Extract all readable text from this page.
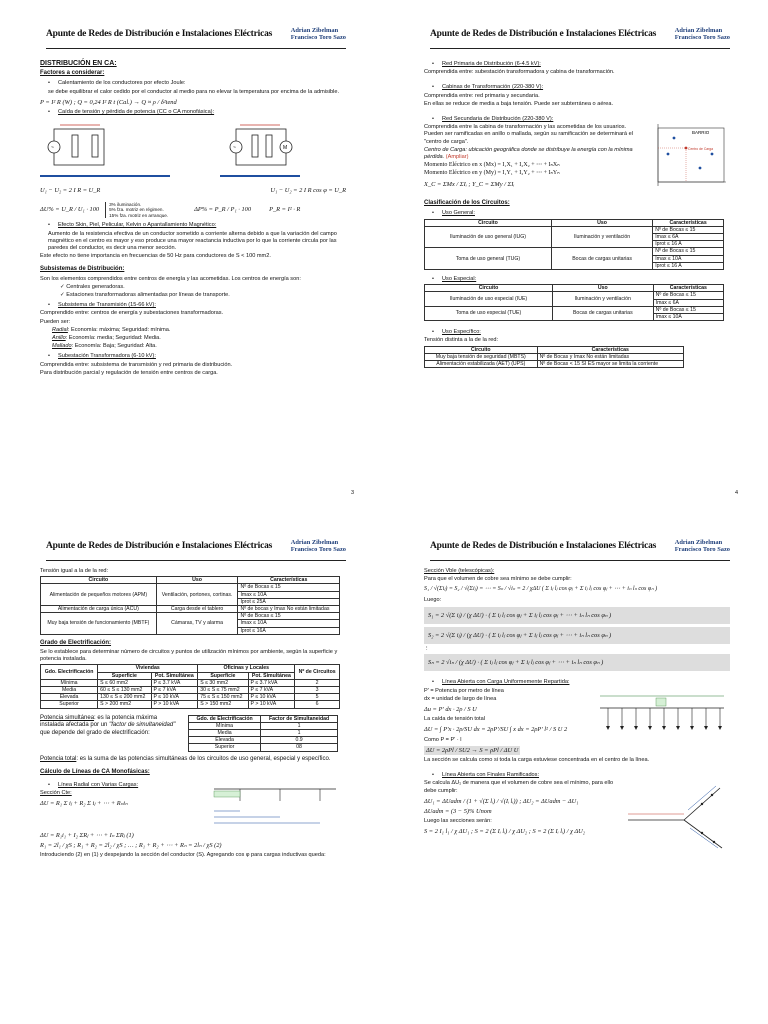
Apunte de Redes de Distribución e Instalaciones Eléctricas	Adrian Zibelman
Francisco Toro Sazo
DISTRIBUCIÓN EN CA:
Factores a considerar:
• Calentamiento de los conductores por efecto Joule:
se debe equilibrar el calor cedido por el conductor al medio para no elevar la temperatura por encima de la admisible.
P = I² R (W) ; Q = 0,24 I² R t (Cal.) → Q ≈ ρ / δ²tend
• Caída de tensión y pérdida de potencia (CC o CA monofásica):
~	~	M
U₁ − U₂ = 2 I R = U_R	U₁ − U₂ = 2 I R cos φ = U_R
ΔU% = U_R / U₁ · 100
3% iluminación.
5% fza. motriz en régimen.
15% fza. motriz en arranque.
ΔP% = P_R / P₁ · 100	P_R = I² · R
• Efecto Skin, Piel, Pelicular, Kelvin o Apantallamiento Magnético:
Aumento de la resistencia efectiva de un conductor sometido a corriente alterna debido a que la variación del campo magnético en el centro es mayor y eso produce una mayor reactancia inductiva por lo que la corriente circula por las paredes del conductor, es decir una menor sección.
Este efecto no tiene importancia en frecuencias de 50 Hz para conductores de S < 100 mm2.
Subsistemas de Distribución:
Son los elementos comprendidos entre centros de energía y las acometidas. Los centros de energía son:
✓ Centrales generadoras.
✓ Estaciones transformadoras alimentadas por líneas de transporte.
• Subsistema de Transmisión (15-66 kV):
Comprendido entre: centros de energía y subestaciones transformadoras.
Pueden ser:
Radial: Economía: máxima; Seguridad: mínima.
Anillo: Economía: media; Seguridad: Media.
Mallado: Economía: Baja; Seguridad: Alta.
• Subestación Transformadora (6-10 kV):
Comprendida entre: subsistema de transmisión y red primaria de distribución.
Para distribución parcial y regulación de tensión entre centros de carga.
3
Apunte de Redes de Distribución e Instalaciones Eléctricas	Adrian Zibelman
Francisco Toro Sazo
• Red Primaria de Distribución (6-4.5 kV):
Comprendida entre: subestación transformadora y cabina de transformación.
• Cabinas de Transformación (220-380 V):
Comprendida entre: red primaria y secundaria.
En ellas se reduce de media a baja tensión. Puede ser subterránea o aérea.
• Red Secundaria de Distribución (220-380 V):
Comprendida entre la cabina de transformación y las acometidas de los usuarios. Pueden ser ramificadas en anillo o mallada, según su ramificación se determinará el "centro de carga".
Centro de Carga: ubicación geográfica donde se distribuye la energía con la mínima pérdida. (Ampliar)
Momento Eléctrico en x (Mx) = I₁X₁ + I₂X₂ + ⋯ + IₙXₙ
Momento Eléctrico en y (My) = I₁Y₁ + I₂Y₂ + ⋯ + IₙYₙ
X_C = ΣMx / ΣIᵢ ; Y_C = ΣMy / ΣIᵢ
BARRIO
Centro de Carga
Clasificación de los Circuitos:
• Uso General:
Circuito	Uso	Características
Iluminación de uso general (IUG)	Iluminación y ventilación	Nº de Bocas ≤ 15
		Imax ≤ 6A
		Iprot ≤ 16 A
Toma de uso general (TUG)	Bocas de cargas unitarias	Nº de Bocas ≤ 15
		Imax ≤ 10A
		Iprot ≤ 16 A
• Uso Especial:
Circuito	Uso	Características
Iluminación de uso especial (IUE)	Iluminación y ventilación	Nº de Bocas ≤ 15
		Imax ≤ 6A
Toma de uso especial (TUE)	Bocas de cargas unitarias	Nº de Bocas ≤ 15
		Imax ≤ 10A
• Uso Específico:
Tensión distinta a la de la red:
Circuito	Características
Muy baja tensión de seguridad (MBTS)	Nº de Bocas y Imax No están limitadas
Alimentación estabilizada (AET) (UPS)	Nº de Bocas < 15 SI ES mayor se limita la corriente
4
Apunte de Redes de Distribución e Instalaciones Eléctricas	Adrian Zibelman
Francisco Toro Sazo
Tensión igual a la de la red:
Circuito	Uso	Características
Alimentación de pequeños motores (APM)	Ventilación, portones, cortinas.	Nº de Bocas ≤ 15
		Imax ≤ 10A
		Iprot ≤ 25A
Alimentación de carga única (ACU)	Carga desde el tablero	Nº de bocas y Imax No están limitadas
Muy baja tensión de funcionamiento (MBTF)	Cámaras, TV y alarma	Nº de Bocas ≤ 15
		Imax ≤ 10A
		Iprot ≤ 16A
Grado de Electrificación:
Se lo establece para determinar número de circuitos y puntos de utilización mínimos por ambiente, según la superficie y potencia instalada.
Gdo. Electrificación	Viviendas		Oficinas y Locales		Nº de Circuitos
	Superficie	Pot. Simultánea	Superficie	Pot. Simultánea	
Mínima	S ≤ 60 mm2	P ≤ 3.7 kVA	S ≤ 30 mm2	P ≤ 3.7 kVA	2
Media	60 ≤ S ≤ 130 mm2	P ≤ 7 kVA	30 ≤ S ≤ 75 mm2	P ≤ 7 kVA	3
Elevada	130 ≤ S ≤ 200 mm2	P ≤ 10 kVA	75 ≤ S ≤ 150 mm2	P ≤ 10 kVA	5
Superior	S > 200 mm2	P > 10 kVA	S > 150 mm2	P > 10 kVA	6
Potencia simultánea: es la potencia máxima instalada afectada por un "factor de simultaneidad" que depende del grado de electrificación:
Gdo. de Electrificación	Factor de Simultaneidad
Mínima	1
Media	1
Elevada	0.9
Superior	08
Potencia total: es la suma de las potencias simultáneas de los circuitos de uso general, especial y específico.
Cálculo de Líneas de CA Monofásicas:
• Línea Radial con Varias Cargas:
Sección Cte:
ΔU = R₁ Σ iⱼ + R₂ Σ iⱼ + ⋯ + Rₙiₙ
ΔU = R₁i₁ + I₂ ΣRⱼ + ⋯ + Iₙ ΣRⱼ (1)
R₁ = 2l₁ / χS ; R₁ + R₂ = 2l₂ / χS ; … ; R₁ + R₂ + ⋯ + Rₙ = 2lₙ / χS (2)
Introduciendo (2) en (1) y despejando la sección del conductor (S). Agregando cos φ para cargas inductivas queda:
Apunte de Redes de Distribución e Instalaciones Eléctricas	Adrian Zibelman
Francisco Toro Sazo
Sección Vble (telescópicas):
Para que el volumen de cobre sea mínimo se debe cumplir:
S₁ / √(Σiⱼ) = S₂ / √(Σiⱼ) = ⋯ = Sₙ / √iₙ = 2 / χΔU ( Σ iⱼ lⱼ cos φⱼ + Σ iⱼ lⱼ cos φⱼ + ⋯ + iₙ lₙ cos φₙ )
Luego:
S₁ = 2 √(Σ iⱼ) / (χ ΔU) · ( Σ iⱼ lⱼ cos φⱼ + Σ iⱼ lⱼ cos φⱼ + ⋯ + iₙ lₙ cos φₙ )
S₂ = 2 √(Σ iⱼ) / (χ ΔU) · ( Σ iⱼ lⱼ cos φⱼ + Σ iⱼ lⱼ cos φⱼ + ⋯ + iₙ lₙ cos φₙ )
⋮
Sₙ = 2 √iₙ / (χ ΔU) · ( Σ iⱼ lⱼ cos φⱼ + Σ iⱼ lⱼ cos φⱼ + ⋯ + iₙ lₙ cos φₙ )
• Línea Abierta con Carga Uniformemente Repartida:
P' = Potencia por metro de línea
dx = unidad de largo de línea
Δu = P' dx · 2ρ / S U
La caída de tensión total
ΔU = ∫ P'x · 2ρ/SU dx = 2ρP'/SU ∫ x dx = 2ρP' l² / S U 2
Como P = P' · l
ΔU = 2ρPl / SU2 → S = ρPl / ΔU U
La sección se calcula como si toda la carga estuviese concentrada en el centro de la línea.
• Línea Abierta con Finales Ramificados:
Se calcula ΔU₁ de manera que el volumen de cobre sea el mínimo, para ello debe cumplir:
ΔU₁ = ΔUadm / (1 + √(Σ lᵢ) / √(Iᵢ lᵢ)) ; ΔU₂ = ΔUadm − ΔU₁
ΔUadm = (3 − 5)% Unom
Luego las secciones serán:
S = 2 I₁ l₁ / χ ΔU₁ ; S = 2 (Σ Iᵢ lᵢ) / χ ΔU₂ ; S = 2 (Σ Iᵢ lᵢ) / χ ΔU₂
